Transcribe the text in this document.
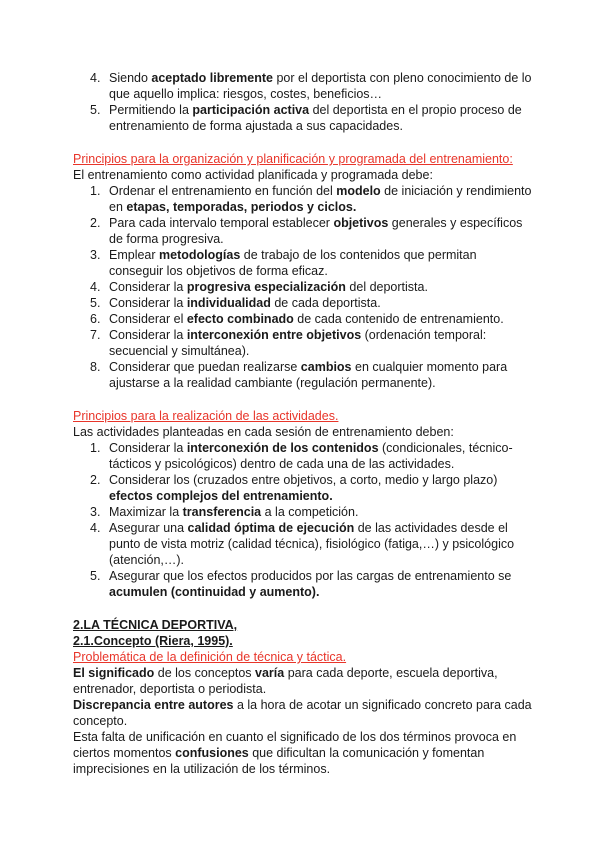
4. Siendo aceptado libremente por el deportista con pleno conocimiento de lo que aquello implica: riesgos, costes, beneficios…
5. Permitiendo la participación activa del deportista en el propio proceso de entrenamiento de forma ajustada a sus capacidades.
Principios para la organización y planificación y programada del entrenamiento:
El entrenamiento como actividad planificada y programada debe:
1. Ordenar el entrenamiento en función del modelo de iniciación y rendimiento en etapas, temporadas, periodos y ciclos.
2. Para cada intervalo temporal establecer objetivos generales y específicos de forma progresiva.
3. Emplear metodologías de trabajo de los contenidos que permitan conseguir los objetivos de forma eficaz.
4. Considerar la progresiva especialización del deportista.
5. Considerar la individualidad de cada deportista.
6. Considerar el efecto combinado de cada contenido de entrenamiento.
7. Considerar la interconexión entre objetivos (ordenación temporal: secuencial y simultánea).
8. Considerar que puedan realizarse cambios en cualquier momento para ajustarse a la realidad cambiante (regulación permanente).
Principios para la realización de las actividades.
Las actividades planteadas en cada sesión de entrenamiento deben:
1. Considerar la interconexión de los contenidos (condicionales, técnico-tácticos y psicológicos) dentro de cada una de las actividades.
2. Considerar los (cruzados entre objetivos, a corto, medio y largo plazo) efectos complejos del entrenamiento.
3. Maximizar la transferencia a la competición.
4. Asegurar una calidad óptima de ejecución de las actividades desde el punto de vista motriz (calidad técnica), fisiológico (fatiga,…) y psicológico (atención,…).
5. Asegurar que los efectos producidos por las cargas de entrenamiento se acumulen (continuidad y aumento).
2.LA TÉCNICA DEPORTIVA,
2.1.Concepto (Riera, 1995).
Problemática de la definición de técnica y táctica.
El significado de los conceptos varía para cada deporte, escuela deportiva, entrenador, deportista o periodista.
Discrepancia entre autores a la hora de acotar un significado concreto para cada concepto.
Esta falta de unificación en cuanto el significado de los dos términos provoca en ciertos momentos confusiones que dificultan la comunicación y fomentan imprecisiones en la utilización de los términos.
